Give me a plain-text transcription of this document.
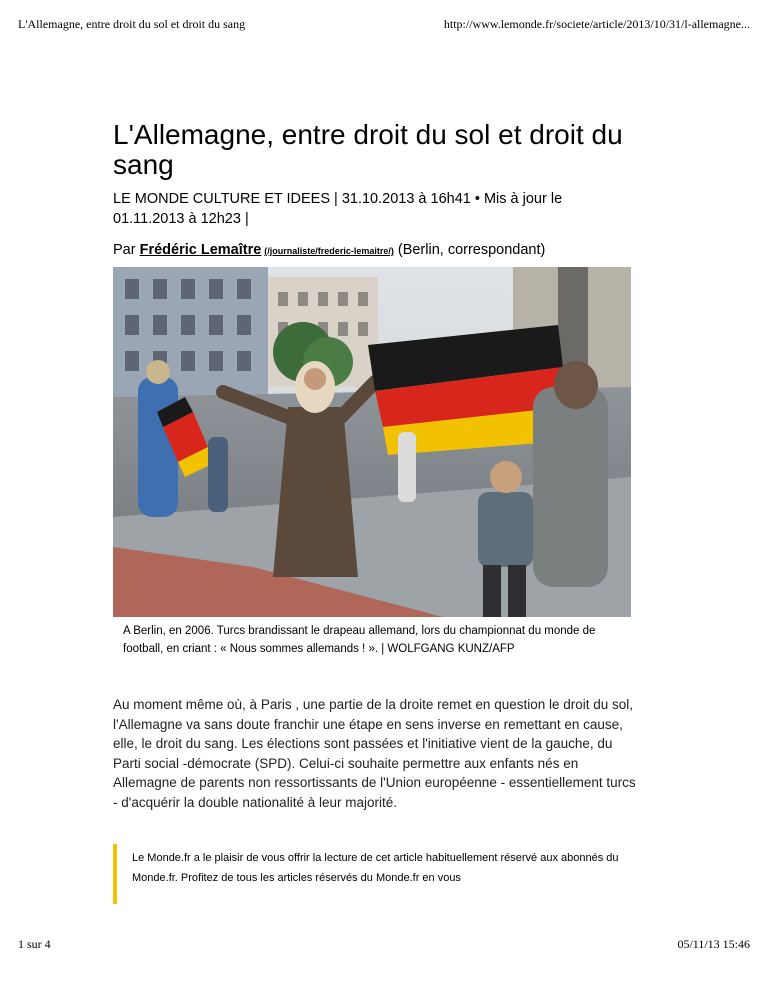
L'Allemagne, entre droit du sol et droit du sang	http://www.lemonde.fr/societe/article/2013/10/31/l-allemagne...
L'Allemagne, entre droit du sol et droit du sang
LE MONDE CULTURE ET IDEES | 31.10.2013 à 16h41 • Mis à jour le
01.11.2013 à 12h23 |
Par Frédéric Lemaître (/journaliste/frederic-lemaitre/) (Berlin, correspondant)
A Berlin, en 2006. Turcs brandissant le drapeau allemand, lors du championnat du monde de football, en criant : « Nous sommes allemands ! ». | WOLFGANG KUNZ/AFP
Au moment même où, à Paris , une partie de la droite remet en question le droit du sol, l'Allemagne va sans doute franchir une étape en sens inverse en remettant en cause, elle, le droit du sang. Les élections sont passées et l'initiative vient de la gauche, du Parti social -démocrate (SPD). Celui-ci souhaite permettre aux enfants nés en Allemagne de parents non ressortissants de l'Union européenne - essentiellement turcs - d'acquérir la double nationalité à leur majorité.

Le Monde.fr a le plaisir de vous offrir la lecture de cet article habituellement réservé aux abonnés du Monde.fr. Profitez de tous les articles réservés du Monde.fr en vous

1 sur 4	05/11/13 15:46
